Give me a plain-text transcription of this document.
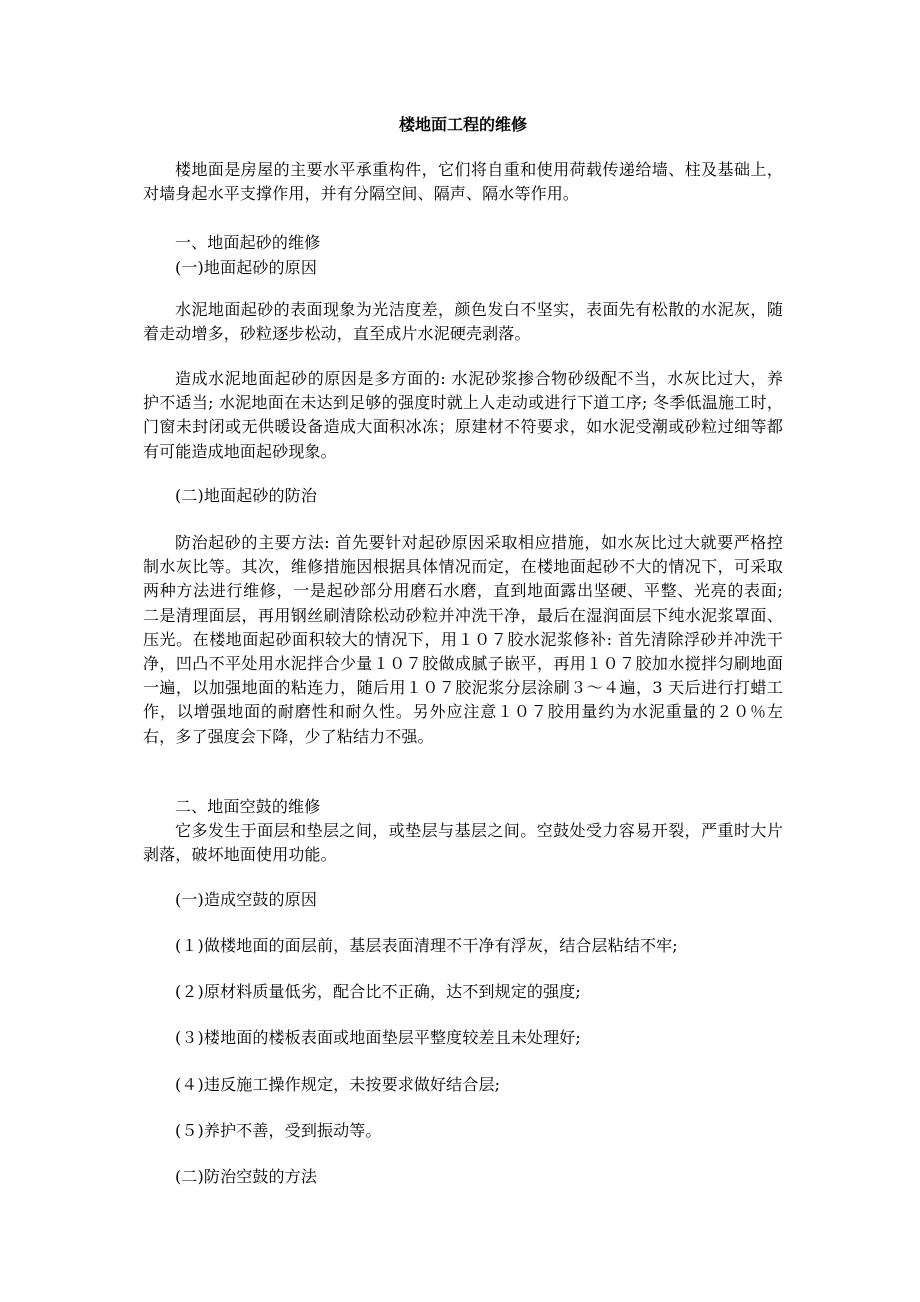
楼地面工程的维修

楼地面是房屋的主要水平承重构件，它们将自重和使用荷载传递给墙、柱及基础上，对墙身起水平支撑作用，并有分隔空间、隔声、隔水等作用。

一、地面起砂的维修

(一)地面起砂的原因

水泥地面起砂的表面现象为光洁度差，颜色发白不坚实，表面先有松散的水泥灰，随着走动增多，砂粒逐步松动，直至成片水泥硬壳剥落。

造成水泥地面起砂的原因是多方面的: 水泥砂浆掺合物砂级配不当，水灰比过大，养护不适当; 水泥地面在未达到足够的强度时就上人走动或进行下道工序; 冬季低温施工时，门窗未封闭或无供暖设备造成大面积冰冻；原建材不符要求，如水泥受潮或砂粒过细等都有可能造成地面起砂现象。

(二)地面起砂的防治

防治起砂的主要方法: 首先要针对起砂原因采取相应措施，如水灰比过大就要严格控制水灰比等。其次，维修措施因根据具体情况而定，在楼地面起砂不大的情况下，可采取两种方法进行维修，一是起砂部分用磨石水磨，直到地面露出坚硬、平整、光亮的表面; 二是清理面层，再用钢丝刷清除松动砂粒并冲洗干净，最后在湿润面层下纯水泥浆罩面、压光。在楼地面起砂面积较大的情况下，用１０７胶水泥浆修补: 首先清除浮砂并冲洗干净，凹凸不平处用水泥拌合少量１０７胶做成腻子嵌平，再用１０７胶加水搅拌匀刷地面一遍，以加强地面的粘连力，随后用１０７胶泥浆分层涂刷３～４遍，3 天后进行打蜡工作，以增强地面的耐磨性和耐久性。另外应注意１０７胶用量约为水泥重量的２０％左右，多了强度会下降，少了粘结力不强。

二、地面空鼓的维修

它多发生于面层和垫层之间，或垫层与基层之间。空鼓处受力容易开裂，严重时大片剥落，破坏地面使用功能。

(一)造成空鼓的原因

(１)做楼地面的面层前，基层表面清理不干净有浮灰，结合层粘结不牢;

(２)原材料质量低劣，配合比不正确，达不到规定的强度;

(３)楼地面的楼板表面或地面垫层平整度较差且未处理好;

(４)违反施工操作规定，未按要求做好结合层;

(５)养护不善，受到振动等。

(二)防治空鼓的方法
